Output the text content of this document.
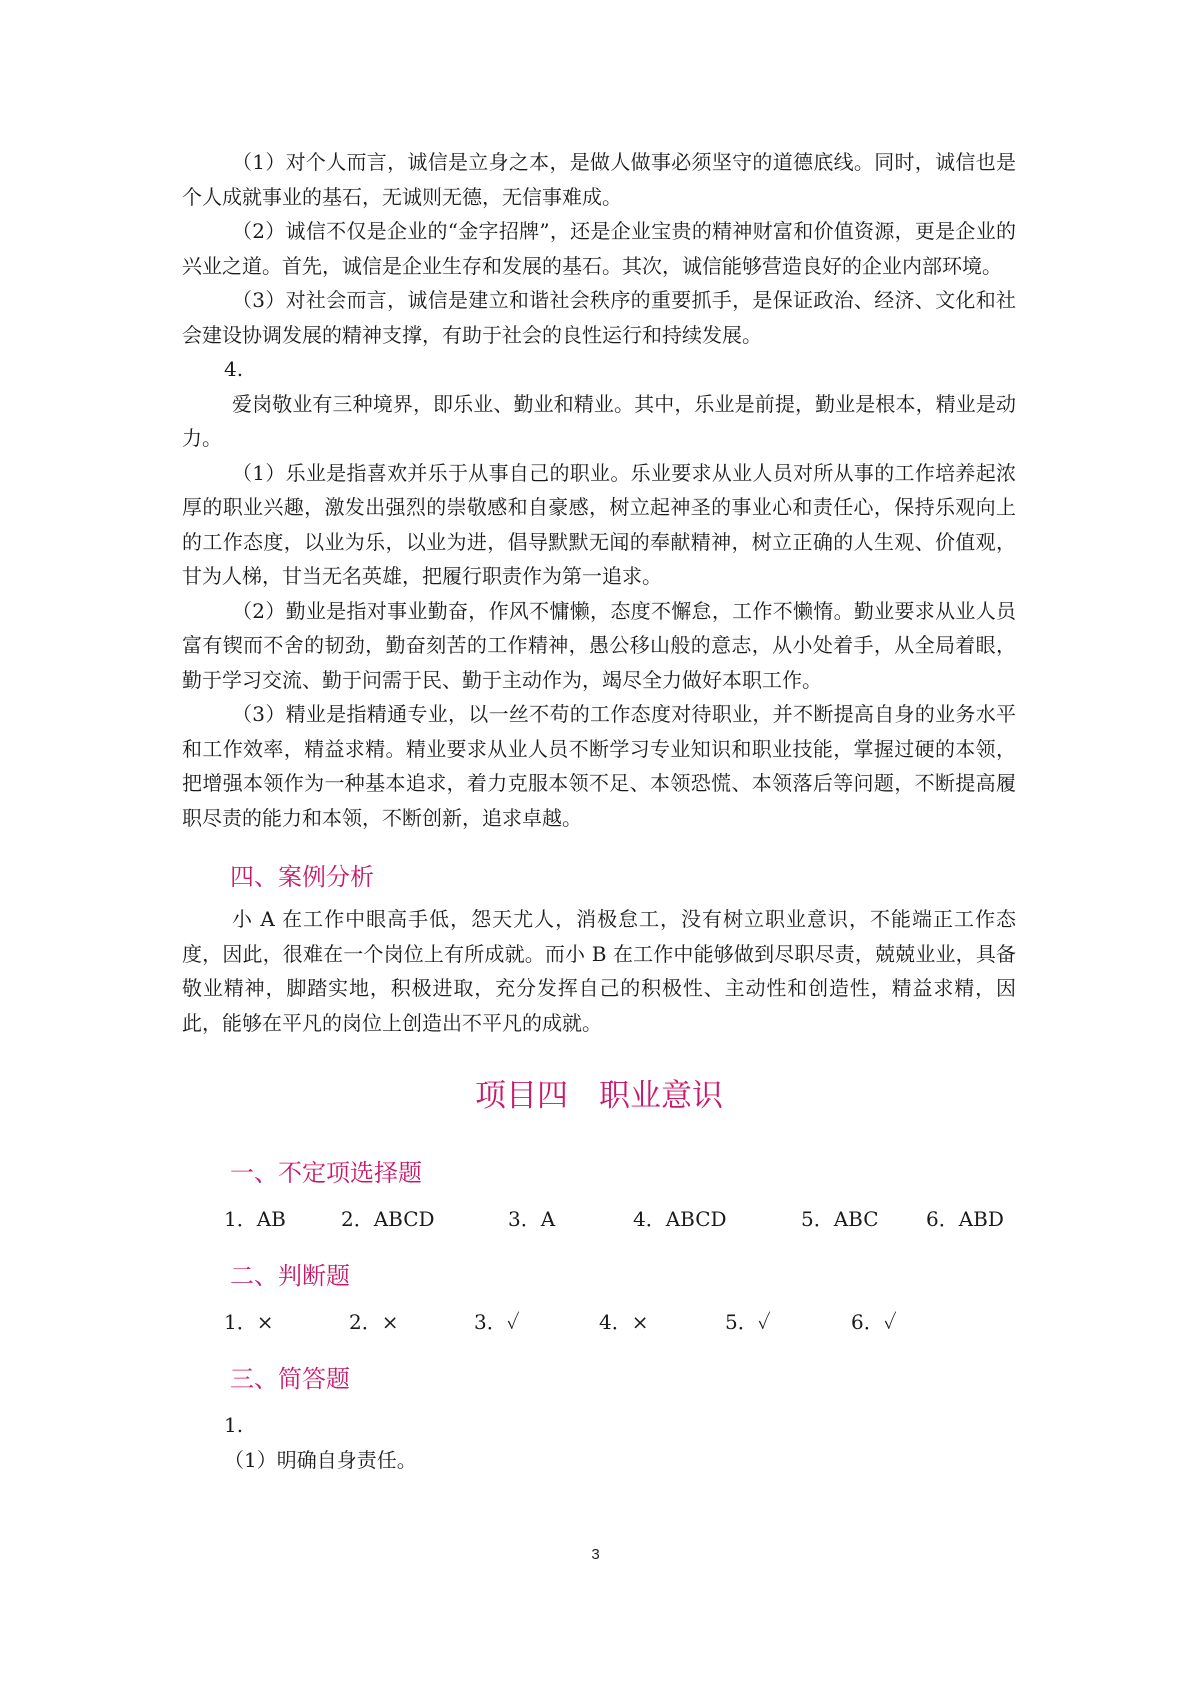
（1）对个人而言，诚信是立身之本，是做人做事必须坚守的道德底线。同时，诚信也是个人成就事业的基石，无诚则无德，无信事难成。

（2）诚信不仅是企业的“金字招牌”，还是企业宝贵的精神财富和价值资源，更是企业的兴业之道。首先，诚信是企业生存和发展的基石。其次，诚信能够营造良好的企业内部环境。

（3）对社会而言，诚信是建立和谐社会秩序的重要抓手，是保证政治、经济、文化和社会建设协调发展的精神支撑，有助于社会的良性运行和持续发展。

4.

爱岗敬业有三种境界，即乐业、勤业和精业。其中，乐业是前提，勤业是根本，精业是动力。

（1）乐业是指喜欢并乐于从事自己的职业。乐业要求从业人员对所从事的工作培养起浓厚的职业兴趣，激发出强烈的崇敬感和自豪感，树立起神圣的事业心和责任心，保持乐观向上的工作态度，以业为乐，以业为进，倡导默默无闻的奉献精神，树立正确的人生观、价值观，甘为人梯，甘当无名英雄，把履行职责作为第一追求。

（2）勤业是指对事业勤奋，作风不慵懒，态度不懈怠，工作不懒惰。勤业要求从业人员富有锲而不舍的韧劲，勤奋刻苦的工作精神，愚公移山般的意志，从小处着手，从全局着眼，勤于学习交流、勤于问需于民、勤于主动作为，竭尽全力做好本职工作。

（3）精业是指精通专业，以一丝不苟的工作态度对待职业，并不断提高自身的业务水平和工作效率，精益求精。精业要求从业人员不断学习专业知识和职业技能，掌握过硬的本领，把增强本领作为一种基本追求，着力克服本领不足、本领恐慌、本领落后等问题，不断提高履职尽责的能力和本领，不断创新，追求卓越。

四、案例分析

小 A 在工作中眼高手低，怨天尤人，消极怠工，没有树立职业意识，不能端正工作态度，因此，很难在一个岗位上有所成就。而小 B 在工作中能够做到尽职尽责，兢兢业业，具备敬业精神，脚踏实地，积极进取，充分发挥自己的积极性、主动性和创造性，精益求精，因此，能够在平凡的岗位上创造出不平凡的成就。

项目四　职业意识
一、不定项选择题
1．AB	2．ABCD	3．A	4．ABCD	5．ABC	6．ABD
二、判断题
1．×	2．×	3．✓	4．×	5．✓	6．✓
三、简答题

1.

（1）明确自身责任。

3
